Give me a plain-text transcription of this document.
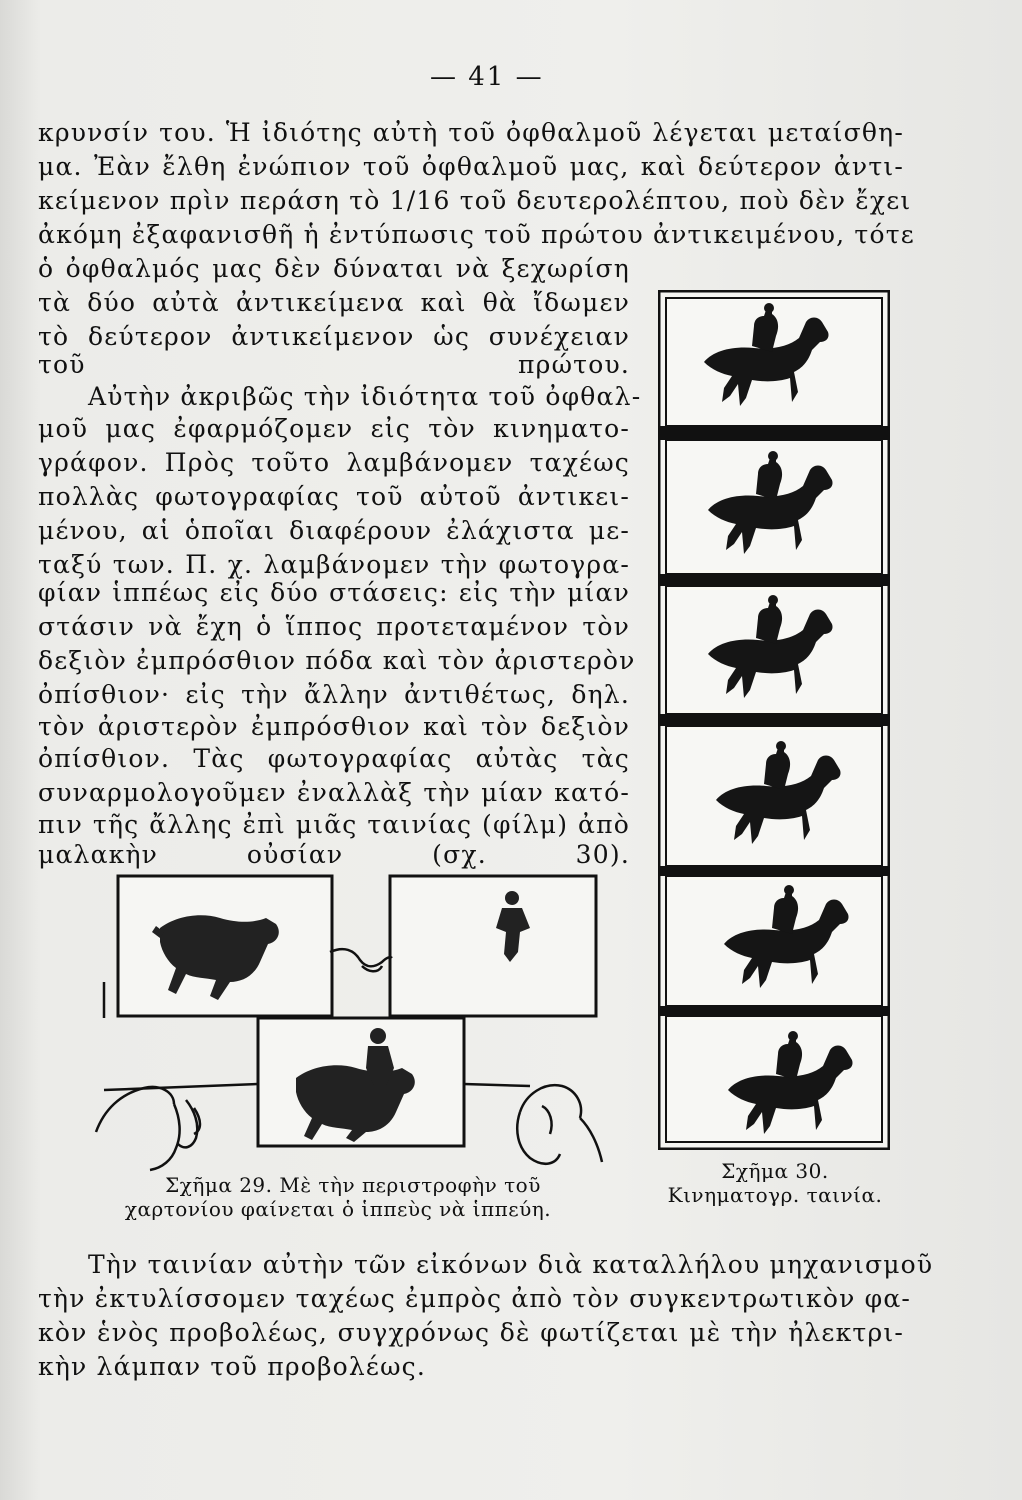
— 41 —
κρυνσίν του. Ἡ ἰδιότης αὐτὴ τοῦ ὀφθαλμοῦ λέγεται μεταίσθη-
μα. Ἐὰν ἔλθη ἐνώπιον τοῦ ὀφθαλμοῦ μας, καὶ δεύτερον ἀντι-
κείμενον πρὶν περάση τὸ 1/16 τοῦ δευτερολέπτου, ποὺ δὲν ἔχει
ἀκόμη ἐξαφανισθῆ ἡ ἐντύπωσις τοῦ πρώτου ἀντικειμένου, τότε
ὁ ὀφθαλμός μας δὲν δύναται νὰ ξεχωρίση
τὰ δύο αὐτὰ ἀντικείμενα καὶ θὰ ἴδωμεν
τὸ δεύτερον ἀντικείμενον ὡς συνέχειαν
τοῦ πρώτου.
Αὐτὴν ἀκριβῶς τὴν ἰδιότητα τοῦ ὀφθαλ-
μοῦ μας ἐφαρμόζομεν εἰς τὸν κινηματο-
γράφον. Πρὸς τοῦτο λαμβάνομεν ταχέως
πολλὰς φωτογραφίας τοῦ αὐτοῦ ἀντικει-
μένου, αἱ ὁποῖαι διαφέρουν ἐλάχιστα με-
ταξύ των. Π. χ. λαμβάνομεν τὴν φωτογρα-
φίαν ἱππέως εἰς δύο στάσεις: εἰς τὴν μίαν
στάσιν νὰ ἔχη ὁ ἵππος προτεταμένον τὸν
δεξιὸν ἐμπρόσθιον πόδα καὶ τὸν ἀριστερὸν
ὀπίσθιον· εἰς τὴν ἄλλην ἀντιθέτως, δηλ.
τὸν ἀριστερὸν ἐμπρόσθιον καὶ τὸν δεξιὸν
ὀπίσθιον. Τὰς φωτογραφίας αὐτὰς τὰς
συναρμολογοῦμεν ἐναλλὰξ τὴν μίαν κατό-
πιν τῆς ἄλλης ἐπὶ μιᾶς ταινίας (φίλμ) ἀπὸ
μαλακὴν οὐσίαν (σχ. 30).
Σχῆμα 29. Μὲ τὴν περιστροφὴν τοῦ
χαρτονίου φαίνεται ὁ ἱππεὺς νὰ ἱππεύη.
Σχῆμα 30.
Κινηματογρ. ταινία.
Τὴν ταινίαν αὐτὴν τῶν εἰκόνων διὰ καταλλήλου μηχανισμοῦ
τὴν ἐκτυλίσσομεν ταχέως ἐμπρὸς ἀπὸ τὸν συγκεντρωτικὸν φα-
κὸν ἑνὸς προβολέως, συγχρόνως δὲ φωτίζεται μὲ τὴν ἠλεκτρι-
κὴν λάμπαν τοῦ προβολέως.
